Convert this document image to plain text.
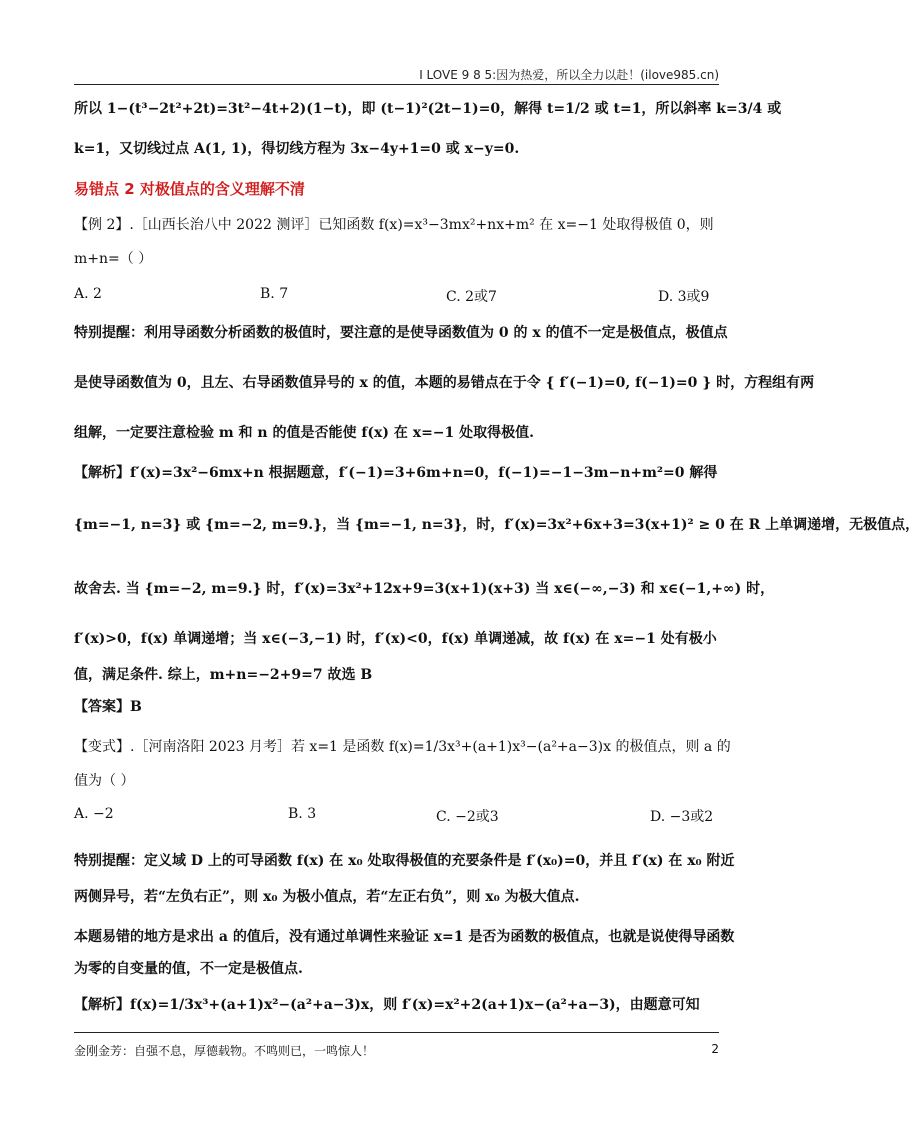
I LOVE 9 8 5:因为热爱，所以全力以赴！(ilove985.cn)
所以 1−(t³−2t²+2t)=3t²−4t+2)(1−t)，即 (t−1)²(2t−1)=0，解得 t=1/2 或 t=1，所以斜率 k=3/4 或
k=1，又切线过点 A(1, 1)，得切线方程为 3x−4y+1=0 或 x−y=0.
易错点 2 对极值点的含义理解不清
【例 2】.［山西长治八中 2022 测评］已知函数 f(x)=x³−3mx²+nx+m² 在 x=−1 处取得极值 0，则
m+n=（ ）
A. 2	B. 7	C. 2或7	D. 3或9
特别提醒：利用导函数分析函数的极值时，要注意的是使导函数值为 0 的 x 的值不一定是极值点，极值点
是使导函数值为 0，且左、右导函数值异号的 x 的值，本题的易错点在于令 { f′(−1)=0, f(−1)=0 } 时，方程组有两
组解，一定要注意检验 m 和 n 的值是否能使 f(x) 在 x=−1 处取得极值.
【解析】f′(x)=3x²−6mx+n 根据题意，f′(−1)=3+6m+n=0，f(−1)=−1−3m−n+m²=0 解得
{m=−1, n=3} 或 {m=−2, m=9.}，当 {m=−1, n=3}，时，f′(x)=3x²+6x+3=3(x+1)² ≥ 0 在 R 上单调递增，无极值点，
故舍去. 当 {m=−2, m=9.} 时，f′(x)=3x²+12x+9=3(x+1)(x+3) 当 x∈(−∞,−3) 和 x∈(−1,+∞) 时，
f′(x)>0，f(x) 单调递增；当 x∈(−3,−1) 时，f′(x)<0，f(x) 单调递减，故 f(x) 在 x=−1 处有极小
值，满足条件. 综上，m+n=−2+9=7 故选 B
【答案】B
【变式】.［河南洛阳 2023 月考］若 x=1 是函数 f(x)=1/3x³+(a+1)x³−(a²+a−3)x 的极值点，则 a 的
值为（ ）
A. −2	B. 3	C. −2或3	D. −3或2
特别提醒：定义域 D 上的可导函数 f(x) 在 x₀ 处取得极值的充要条件是 f′(x₀)=0，并且 f′(x) 在 x₀ 附近
两侧异号，若“左负右正”，则 x₀ 为极小值点，若“左正右负”，则 x₀ 为极大值点.
本题易错的地方是求出 a 的值后，没有通过单调性来验证 x=1 是否为函数的极值点，也就是说使得导函数
为零的自变量的值，不一定是极值点.
【解析】f(x)=1/3x³+(a+1)x²−(a²+a−3)x，则 f′(x)=x²+2(a+1)x−(a²+a−3)，由题意可知
金刚金芳：自强不息，厚德载物。不鸣则已，一鸣惊人！	2
